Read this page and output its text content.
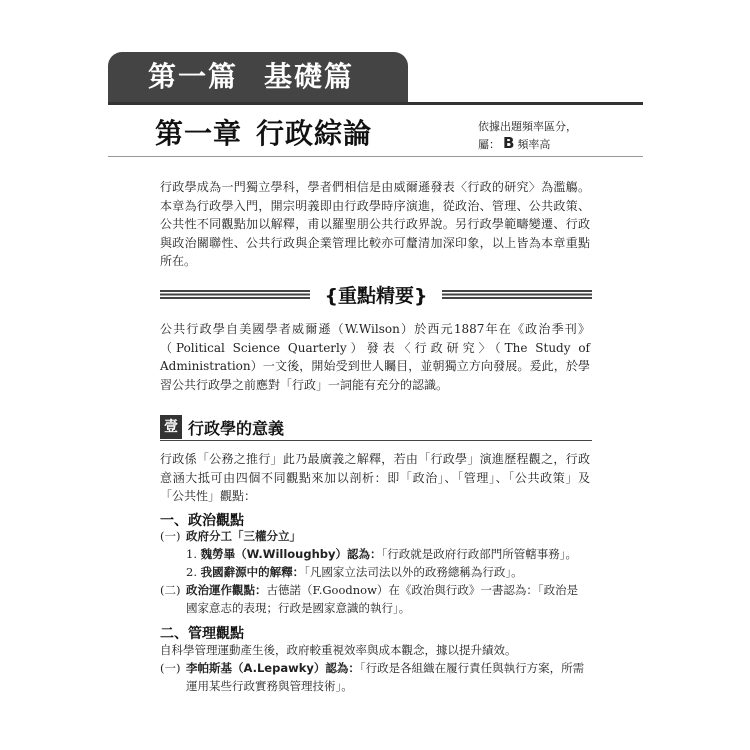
第一篇 基礎篇
第一章 行政綜論	依據出題頻率區分，
屬： B 頻率高

行政學成為一門獨立學科，學者們相信是由威爾遜發表〈行政的研究〉為濫觴。本章為行政學入門，開宗明義即由行政學時序演進，從政治、管理、公共政策、公共性不同觀點加以解釋，甫以羅聖朋公共行政界說。另行政學範疇變遷、行政與政治關聯性、公共行政與企業管理比較亦可釐清加深印象，以上皆為本章重點所在。

{重點精要}

公共行政學自美國學者威爾遜（W.Wilson）於西元1887年在《政治季刊》（Political Science Quarterly）發表〈行政研究〉（The Study of Administration）一文後，開始受到世人矚目，並朝獨立方向發展。爰此，於學習公共行政學之前應對「行政」一詞能有充分的認識。

壹 行政學的意義

行政係「公務之推行」此乃最廣義之解釋，若由「行政學」演進歷程觀之，行政意涵大抵可由四個不同觀點來加以剖析：即「政治」、「管理」、「公共政策」及「公共性」觀點：

一、政治觀點
(一) 政府分工「三權分立」
1. 魏勞畢（W.Willoughby）認為：「行政就是政府行政部門所管轄事務」。
2. 我國辭源中的解釋：「凡國家立法司法以外的政務總稱為行政」。
(二) 政治運作觀點：古德諾（F.Goodnow）在《政治與行政》一書認為：「政治是
國家意志的表現；行政是國家意識的執行」。
二、管理觀點
自科學管理運動產生後，政府較重視效率與成本觀念，據以提升績效。
(一) 李帕斯基（A.Lepawky）認為：「行政是各組織在履行責任與執行方案，所需
運用某些行政實務與管理技術」。
